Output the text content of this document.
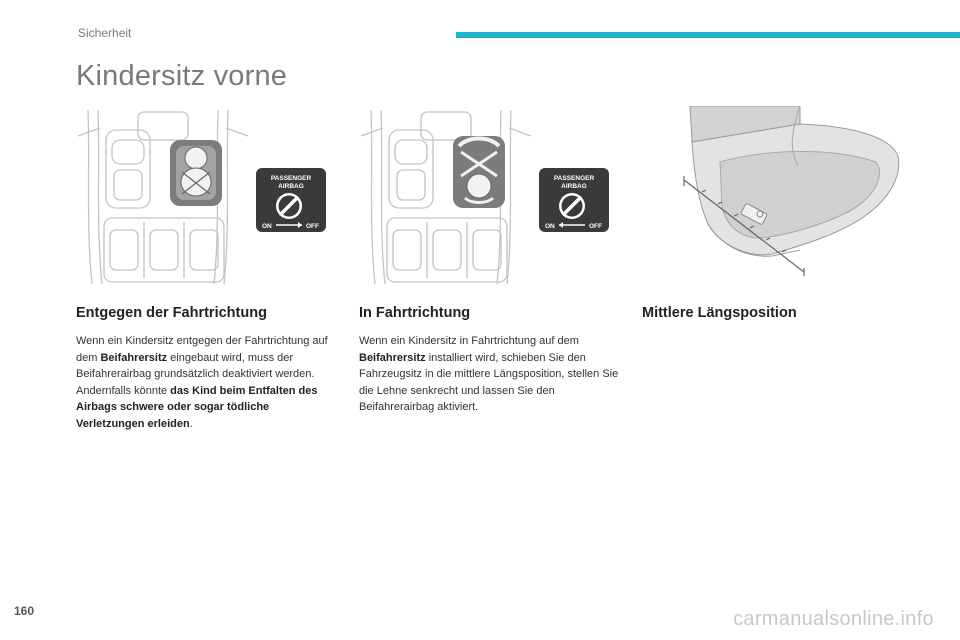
Sicherheit
Kindersitz vorne
PASSENGER
AIRBAG
ON	OFF
PASSENGER
AIRBAG
ON	OFF
Entgegen der Fahrtrichtung

Wenn ein Kindersitz entgegen der Fahrtrichtung auf dem Beifahrersitz eingebaut wird, muss der Beifahrerairbag grundsätzlich deaktiviert werden. Andernfalls könnte das Kind beim Entfalten des Airbags schwere oder sogar tödliche Verletzungen erleiden.

In Fahrtrichtung

Wenn ein Kindersitz in Fahrtrichtung auf dem Beifahrersitz installiert wird, schieben Sie den Fahrzeugsitz in die mittlere Längsposition, stellen Sie die Lehne senkrecht und lassen Sie den Beifahrerairbag aktiviert.

Mittlere Längsposition
160	carmanualsonline.info
